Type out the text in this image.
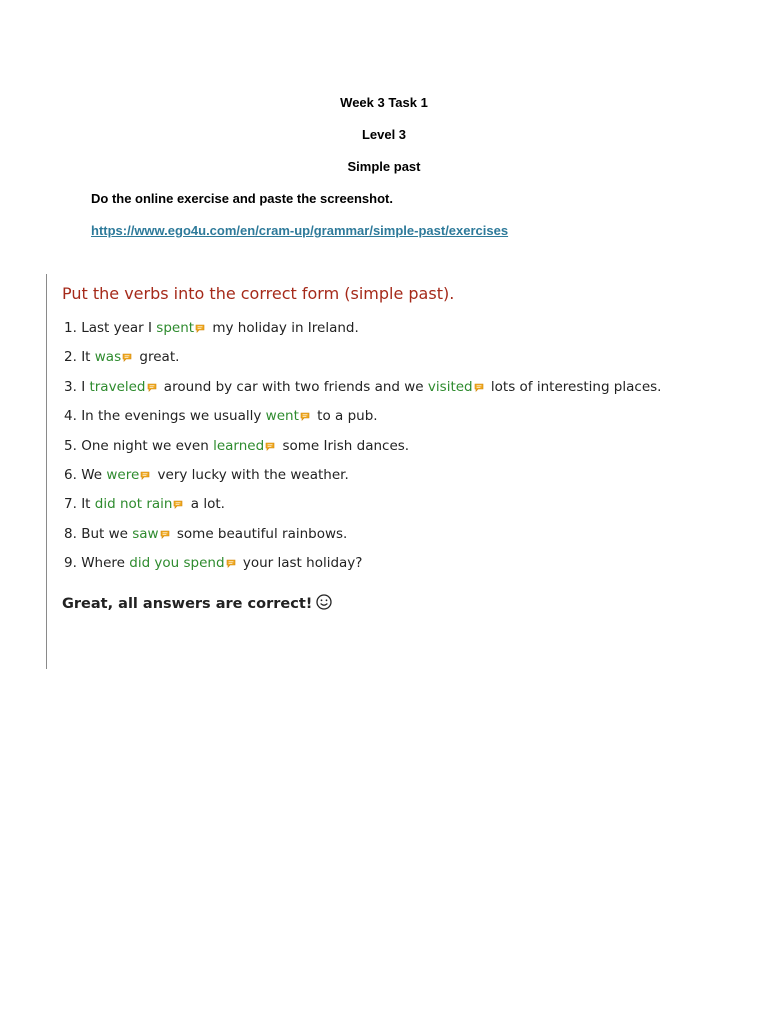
Week 3 Task 1
Level 3
Simple past
Do the online exercise and paste the screenshot.
https://www.ego4u.com/en/cram-up/grammar/simple-past/exercises
Put the verbs into the correct form (simple past).
1. Last year I spent my holiday in Ireland.
2. It was great.
3. I traveled around by car with two friends and we visited lots of interesting places.
4. In the evenings we usually went to a pub.
5. One night we even learned some Irish dances.
6. We were very lucky with the weather.
7. It did not rain a lot.
8. But we saw some beautiful rainbows.
9. Where did you spend your last holiday?
Great, all answers are correct!
